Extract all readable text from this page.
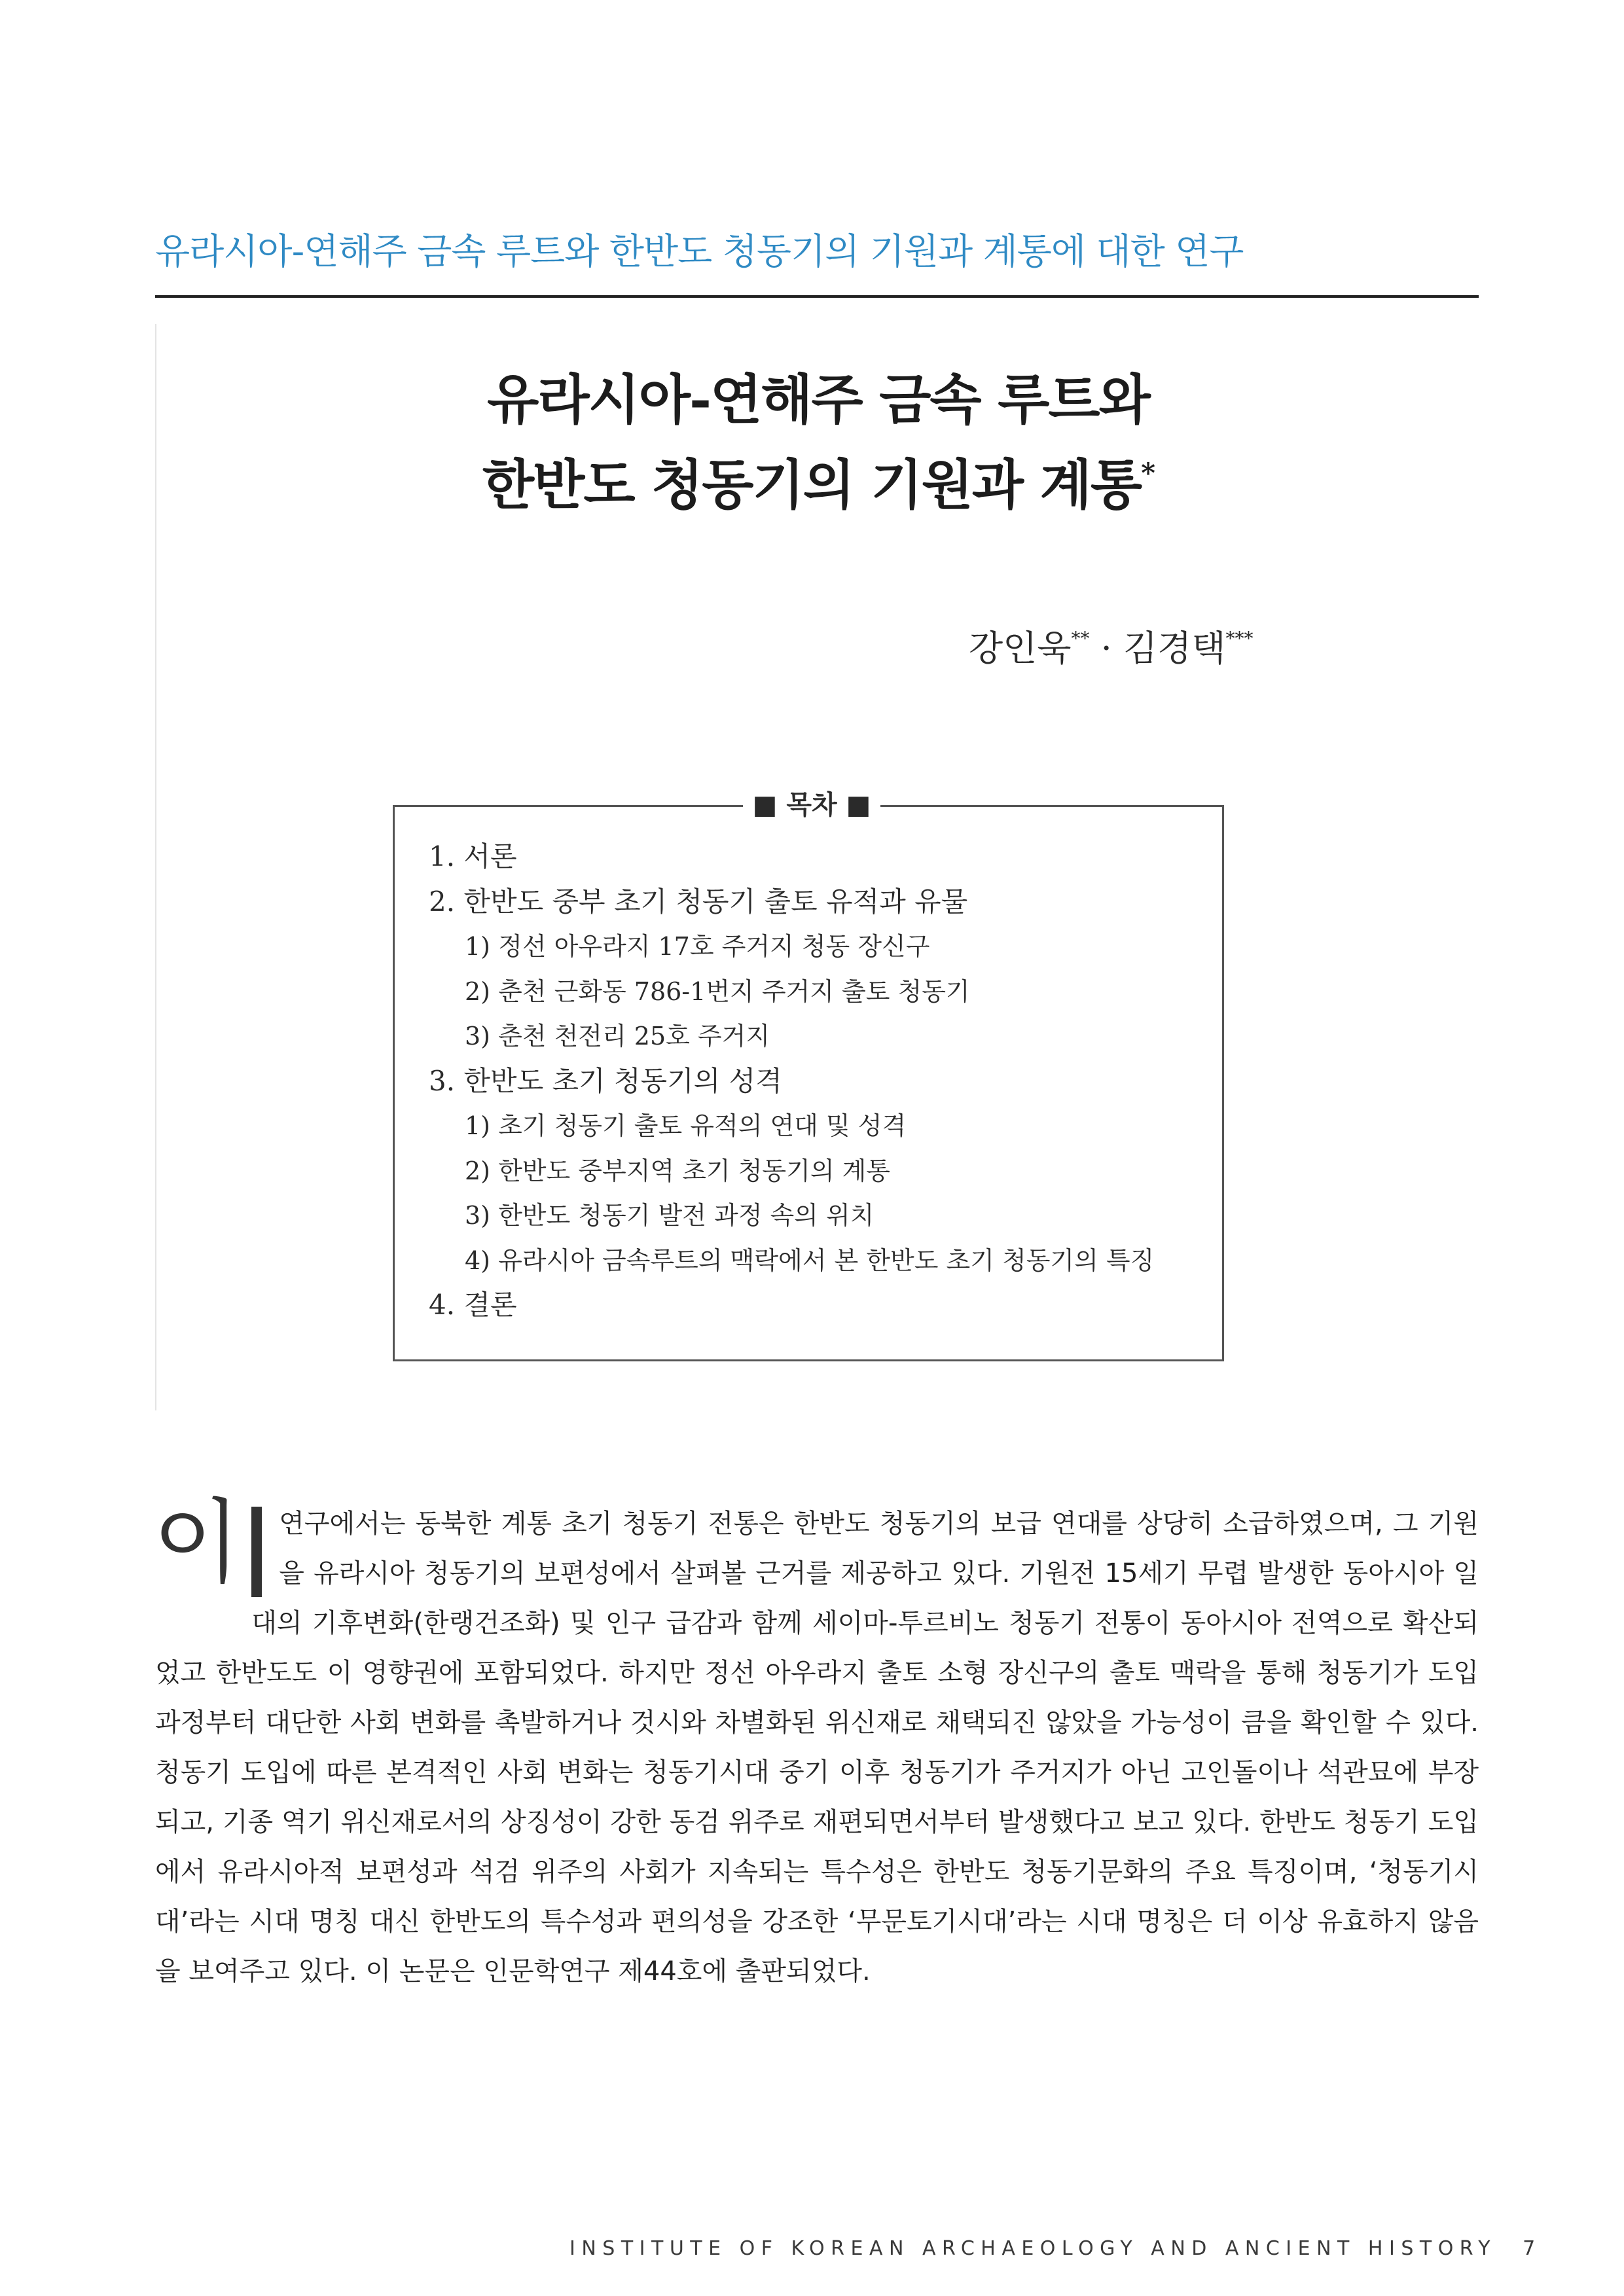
유라시아-연해주 금속 루트와 한반도 청동기의 기원과 계통에 대한 연구
유라시아-연해주 금속 루트와
한반도 청동기의 기원과 계통*
강인욱** · 김경택***
■ 목차 ■
1. 서론
2. 한반도 중부 초기 청동기 출토 유적과 유물
1) 정선 아우라지 17호 주거지 청동 장신구
2) 춘천 근화동 786-1번지 주거지 출토 청동기
3) 춘천 천전리 25호 주거지
3. 한반도 초기 청동기의 성격
1) 초기 청동기 출토 유적의 연대 및 성격
2) 한반도 중부지역 초기 청동기의 계통
3) 한반도 청동기 발전 과정 속의 위치
4) 유라시아 금속루트의 맥락에서 본 한반도 초기 청동기의 특징
4. 결론
이 연구에서는 동북한 계통 초기 청동기 전통은 한반도 청동기의 보급 연대를 상당히 소급하였으며, 그 기원을 유라시아 청동기의 보편성에서 살펴볼 근거를 제공하고 있다. 기원전 15세기 무렵 발생한 동아시아 일대의 기후변화(한랭건조화) 및 인구 급감과 함께 세이마-투르비노 청동기 전통이 동아시아 전역으로 확산되었고 한반도도 이 영향권에 포함되었다. 하지만 정선 아우라지 출토 소형 장신구의 출토 맥락을 통해 청동기가 도입 과정부터 대단한 사회 변화를 촉발하거나 것시와 차별화된 위신재로 채택되진 않았을 가능성이 큼을 확인할 수 있다. 청동기 도입에 따른 본격적인 사회 변화는 청동기시대 중기 이후 청동기가 주거지가 아닌 고인돌이나 석관묘에 부장되고, 기종 역기 위신재로서의 상징성이 강한 동검 위주로 재편되면서부터 발생했다고 보고 있다. 한반도 청동기 도입에서 유라시아적 보편성과 석검 위주의 사회가 지속되는 특수성은 한반도 청동기문화의 주요 특징이며, ‘청동기시대’라는 시대 명칭 대신 한반도의 특수성과 편의성을 강조한 ‘무문토기시대’라는 시대 명칭은 더 이상 유효하지 않음을 보여주고 있다. 이 논문은 인문학연구 제44호에 출판되었다.
INSTITUTE OF KOREAN ARCHAEOLOGY AND ANCIENT HISTORY 7
